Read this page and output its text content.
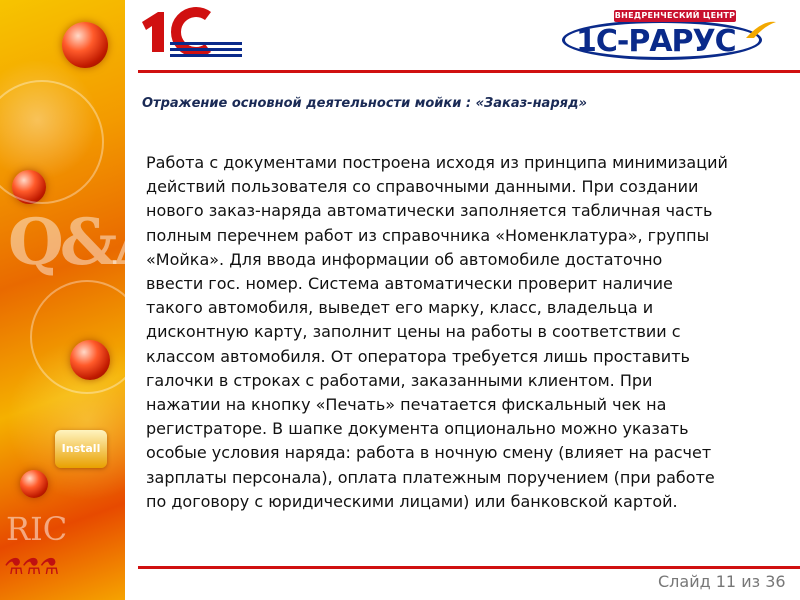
Q&A
Install
RIC
⚗⚗⚗
ВНЕДРЕНЧЕСКИЙ ЦЕНТР
1С-РАРУС
Отражение основной деятельности мойки : «Заказ-наряд»
Работа с документами построена исходя из принципа минимизаций
действий пользователя со справочными данными. При создании
нового заказ-наряда автоматически заполняется табличная часть
полным перечнем работ из справочника «Номенклатура», группы
«Мойка». Для ввода информации об автомобиле достаточно
ввести гос. номер. Система автоматически проверит наличие
такого автомобиля, выведет его марку, класс, владельца и
дисконтную карту, заполнит цены на работы в соответствии с
классом автомобиля. От оператора требуется лишь проставить
галочки в строках с работами, заказанными клиентом. При
нажатии на кнопку «Печать» печатается фискальный чек на
регистраторе. В шапке документа опционально можно указать
особые условия наряда: работа в ночную смену (влияет на расчет
зарплаты персонала), оплата платежным поручением (при работе
по договору с юридическими лицами) или банковской картой.
Слайд 11 из 36
